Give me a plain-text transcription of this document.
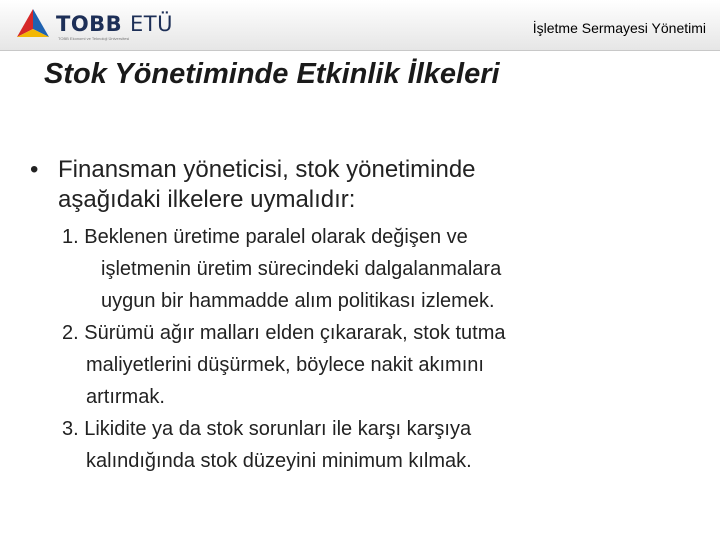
TOBB ETÜ
TOBB Ekonomi ve Teknoloji Üniversitesi
İşletme Sermayesi Yönetimi
Stok Yönetiminde Etkinlik İlkeleri
• Finansman yöneticisi, stok yönetiminde
aşağıdaki ilkelere uymalıdır:
1. Beklenen üretime paralel olarak değişen ve
işletmenin üretim sürecindeki dalgalanmalara
uygun bir hammadde alım politikası izlemek.
2. Sürümü ağır malları elden çıkararak, stok tutma
maliyetlerini düşürmek, böylece nakit akımını
artırmak.
3. Likidite ya da stok sorunları ile karşı karşıya
kalındığında stok düzeyini minimum kılmak.
